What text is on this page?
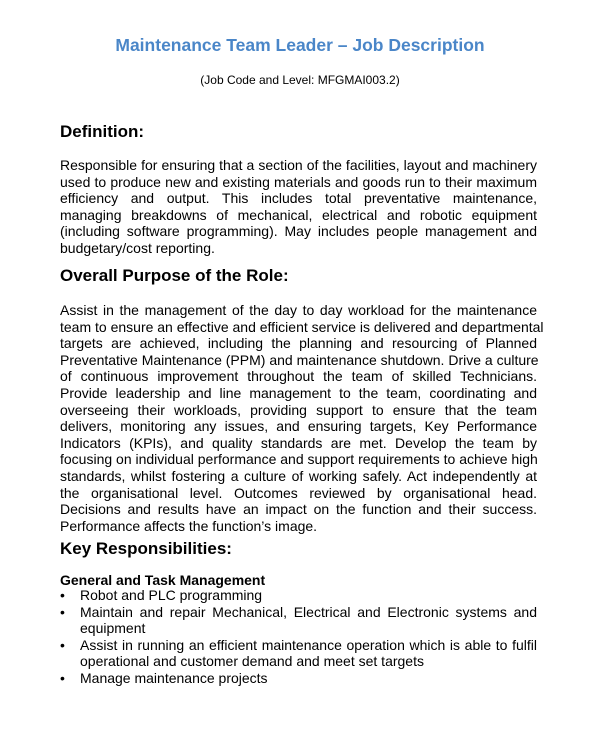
Maintenance Team Leader – Job Description
(Job Code and Level: MFGMAI003.2)
Definition:
Responsible for ensuring that a section of the facilities, layout and machinery
used to produce new and existing materials and goods run to their maximum
efficiency and output. This includes total preventative maintenance,
managing breakdowns of mechanical, electrical and robotic equipment
(including software programming). May includes people management and
budgetary/cost reporting.
Overall Purpose of the Role:
Assist in the management of the day to day workload for the maintenance
team to ensure an effective and efficient service is delivered and departmental
targets are achieved, including the planning and resourcing of Planned
Preventative Maintenance (PPM) and maintenance shutdown. Drive a culture
of continuous improvement throughout the team of skilled Technicians.
Provide leadership and line management to the team, coordinating and
overseeing their workloads, providing support to ensure that the team
delivers, monitoring any issues, and ensuring targets, Key Performance
Indicators (KPIs), and quality standards are met. Develop the team by
focusing on individual performance and support requirements to achieve high
standards, whilst fostering a culture of working safely. Act independently at
the organisational level. Outcomes reviewed by organisational head.
Decisions and results have an impact on the function and their success.
Performance affects the function’s image.
Key Responsibilities:
General and Task Management
• Robot and PLC programming
• Maintain and repair Mechanical, Electrical and Electronic systems and
equipment
• Assist in running an efficient maintenance operation which is able to fulfil
operational and customer demand and meet set targets
• Manage maintenance projects
